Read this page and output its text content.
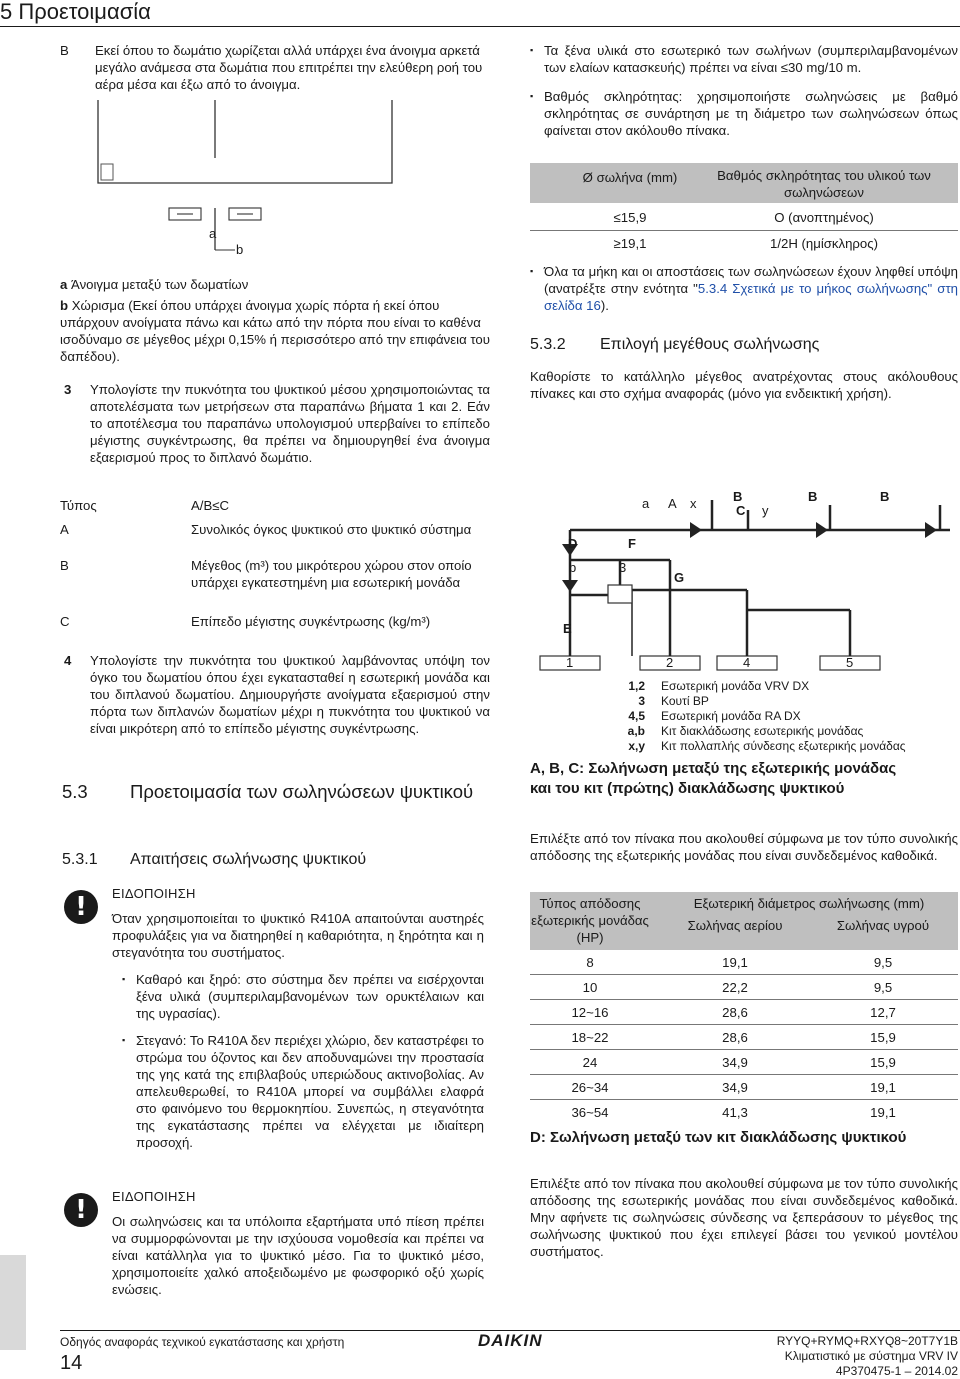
5 Προετοιμασία
B Εκεί όπου το δωμάτιο χωρίζεται αλλά υπάρχει ένα άνοιγμα αρκετά μεγάλο ανάμεσα στα δωμάτια που επιτρέπει την ελεύθερη ροή του αέρα μέσα και έξω από το άνοιγμα.
a
b
a Άνοιγμα μεταξύ των δωματίων
b Χώρισμα (Εκεί όπου υπάρχει άνοιγμα χωρίς πόρτα ή εκεί όπου υπάρχουν ανοίγματα πάνω και κάτω από την πόρτα που είναι το καθένα ισοδύναμο σε μέγεθος μέχρι 0,15% ή περισσότερο από την επιφάνεια του δαπέδου).
3 Υπολογίστε την πυκνότητα του ψυκτικού μέσου χρησιμοποιώντας τα αποτελέσματα των μετρήσεων στα παραπάνω βήματα 1 και 2. Εάν το αποτέλεσμα του παραπάνω υπολογισμού υπερβαίνει το επίπεδο μέγιστης συγκέντρωσης, θα πρέπει να δημιουργηθεί ένα άνοιγμα εξαερισμού προς το διπλανό δωμάτιο.
Τύπος	A/B≤C
A	Συνολικός όγκος ψυκτικού στο ψυκτικό σύστημα
B	Μέγεθος (m³) του μικρότερου χώρου στον οποίο υπάρχει εγκατεστημένη μια εσωτερική μονάδα
C	Επίπεδο μέγιστης συγκέντρωσης (kg/m³)
4 Υπολογίστε την πυκνότητα του ψυκτικού λαμβάνοντας υπόψη τον όγκο του δωματίου όπου έχει εγκατασταθεί η εσωτερική μονάδα και του διπλανού δωματίου. Δημιουργήστε ανοίγματα εξαερισμού στην πόρτα των διπλανών δωματίων μέχρι η πυκνότητα του ψυκτικού να είναι μικρότερη από το επίπεδο μέγιστης συγκέντρωσης.
5.3 Προετοιμασία των σωληνώσεων ψυκτικού
5.3.1 Απαιτήσεις σωλήνωσης ψυκτικού
!	ΕΙΔΟΠΟΙΗΣΗ
Όταν χρησιμοποιείται το ψυκτικό R410A απαιτούνται αυστηρές προφυλάξεις για να διατηρηθεί η καθαριότητα, η ξηρότητα και η στεγανότητα του συστήματος.
▪ Καθαρό και ξηρό: στο σύστημα δεν πρέπει να εισέρχονται ξένα υλικά (συμπεριλαμβανομένων των ορυκτέλαιων και της υγρασίας).
▪ Στεγανό: Το R410A δεν περιέχει χλώριο, δεν καταστρέφει το στρώμα του όζοντος και δεν αποδυναμώνει την προστασία της γης κατά της επιβλαβούς υπεριώδους ακτινοβολίας. Αν απελευθερωθεί, το R410A μπορεί να συμβάλλει ελαφρά στο φαινόμενο του θερμοκηπίου. Συνεπώς, η στεγανότητα της εγκατάστασης πρέπει να ελέγχεται με ιδιαίτερη προσοχή.
!	ΕΙΔΟΠΟΙΗΣΗ
Οι σωληνώσεις και τα υπόλοιπα εξαρτήματα υπό πίεση πρέπει να συμμορφώνονται με την ισχύουσα νομοθεσία και πρέπει να είναι κατάλληλα για το ψυκτικό μέσο. Για το ψυκτικό μέσο, χρησιμοποιείτε χαλκό αποξειδωμένο με φωσφορικό οξύ χωρίς ενώσεις.
▪ Τα ξένα υλικά στο εσωτερικό των σωλήνων (συμπεριλαμβανομένων των ελαίων κατασκευής) πρέπει να είναι ≤30 mg/10 m.
▪ Βαθμός σκληρότητας: χρησιμοποιήστε σωληνώσεις με βαθμό σκληρότητας σε συνάρτηση με τη διάμετρο των σωληνώσεων όπως φαίνεται στον ακόλουθο πίνακα.
Ø σωλήνα (mm)	Βαθμός σκληρότητας του υλικού των σωληνώσεων
≤15,9	O (ανοπτημένος)
≥19,1	1/2H (ημίσκληρος)
▪ Όλα τα μήκη και οι αποστάσεις των σωληνώσεων έχουν ληφθεί υπόψη (ανατρέξτε στην ενότητα "5.3.4 Σχετικά με το μήκος σωλήνωσης" στη σελίδα 16).
5.3.2 Επιλογή μεγέθους σωλήνωσης
Καθορίστε το κατάλληλο μέγεθος ανατρέχοντας στους ακόλουθους πίνακες και στο σχήμα αναφοράς (μόνο για ενδεικτική χρήση).
a A x	B
C y
B	B
D	F
b	3
G
E
1	2	4	5
1,2 Εσωτερική μονάδα VRV DX
3 Κουτί BP
4,5 Εσωτερική μονάδα RA DX
a,b Κιτ διακλάδωσης εσωτερικής μονάδας
x,y Κιτ πολλαπλής σύνδεσης εξωτερικής μονάδας
A, B, C: Σωλήνωση μεταξύ της εξωτερικής μονάδας και του κιτ (πρώτης) διακλάδωσης ψυκτικού
Επιλέξτε από τον πίνακα που ακολουθεί σύμφωνα με τον τύπο συνολικής απόδοσης της εξωτερικής μονάδας που είναι συνδεδεμένος καθοδικά.
Τύπος απόδοσης εξωτερικής μονάδας (HP)
Εξωτερική διάμετρος σωλήνωσης (mm)
Σωλήνας αερίου	Σωλήνας υγρού
8	19,1	9,5
10	22,2	9,5
12~16	28,6	12,7
18~22	28,6	15,9
24	34,9	15,9
26~34	34,9	19,1
36~54	41,3	19,1
D: Σωλήνωση μεταξύ των κιτ διακλάδωσης ψυκτικού
Επιλέξτε από τον πίνακα που ακολουθεί σύμφωνα με τον τύπο συνολικής απόδοσης της εσωτερικής μονάδας που είναι συνδεδεμένος καθοδικά. Μην αφήνετε τις σωληνώσεις σύνδεσης να ξεπεράσουν το μέγεθος της σωλήνωσης ψυκτικού που έχει επιλεγεί βάσει του γενικού μοντέλου συστήματος.
Οδηγός αναφοράς τεχνικού εγκατάστασης και χρήστη
14
DAIKIN	RYYQ+RYMQ+RXYQ8~20T7Y1B
Κλιματιστικό με σύστημα VRV IV
4P370475-1 – 2014.02
